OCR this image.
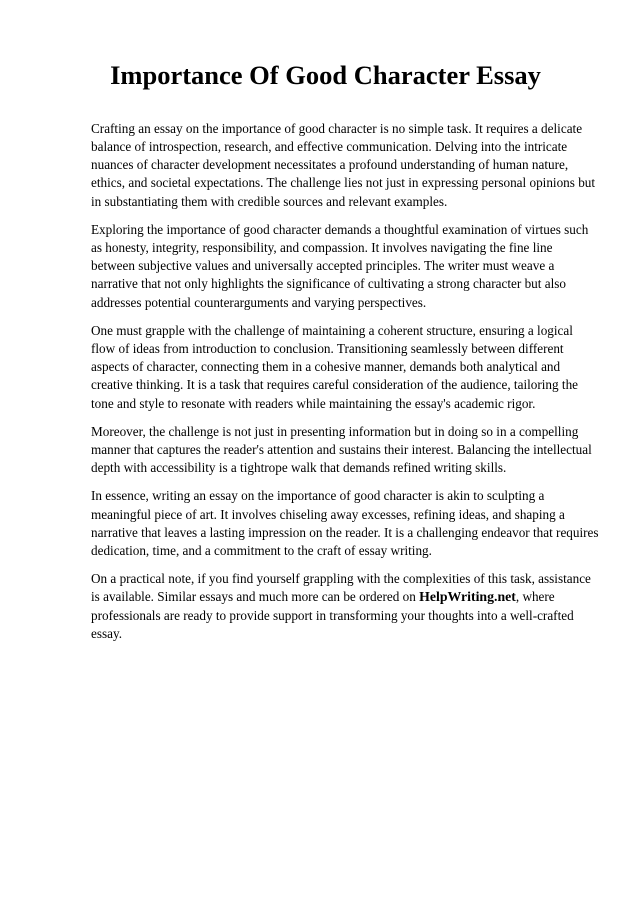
Importance Of Good Character Essay

Crafting an essay on the importance of good character is no simple task. It requires a delicate balance of introspection, research, and effective communication. Delving into the intricate nuances of character development necessitates a profound understanding of human nature, ethics, and societal expectations. The challenge lies not just in expressing personal opinions but in substantiating them with credible sources and relevant examples.

Exploring the importance of good character demands a thoughtful examination of virtues such as honesty, integrity, responsibility, and compassion. It involves navigating the fine line between subjective values and universally accepted principles. The writer must weave a narrative that not only highlights the significance of cultivating a strong character but also addresses potential counterarguments and varying perspectives.

One must grapple with the challenge of maintaining a coherent structure, ensuring a logical flow of ideas from introduction to conclusion. Transitioning seamlessly between different aspects of character, connecting them in a cohesive manner, demands both analytical and creative thinking. It is a task that requires careful consideration of the audience, tailoring the tone and style to resonate with readers while maintaining the essay's academic rigor.

Moreover, the challenge is not just in presenting information but in doing so in a compelling manner that captures the reader's attention and sustains their interest. Balancing the intellectual depth with accessibility is a tightrope walk that demands refined writing skills.

In essence, writing an essay on the importance of good character is akin to sculpting a meaningful piece of art. It involves chiseling away excesses, refining ideas, and shaping a narrative that leaves a lasting impression on the reader. It is a challenging endeavor that requires dedication, time, and a commitment to the craft of essay writing.

On a practical note, if you find yourself grappling with the complexities of this task, assistance is available. Similar essays and much more can be ordered on HelpWriting.net, where professionals are ready to provide support in transforming your thoughts into a well-crafted essay.
